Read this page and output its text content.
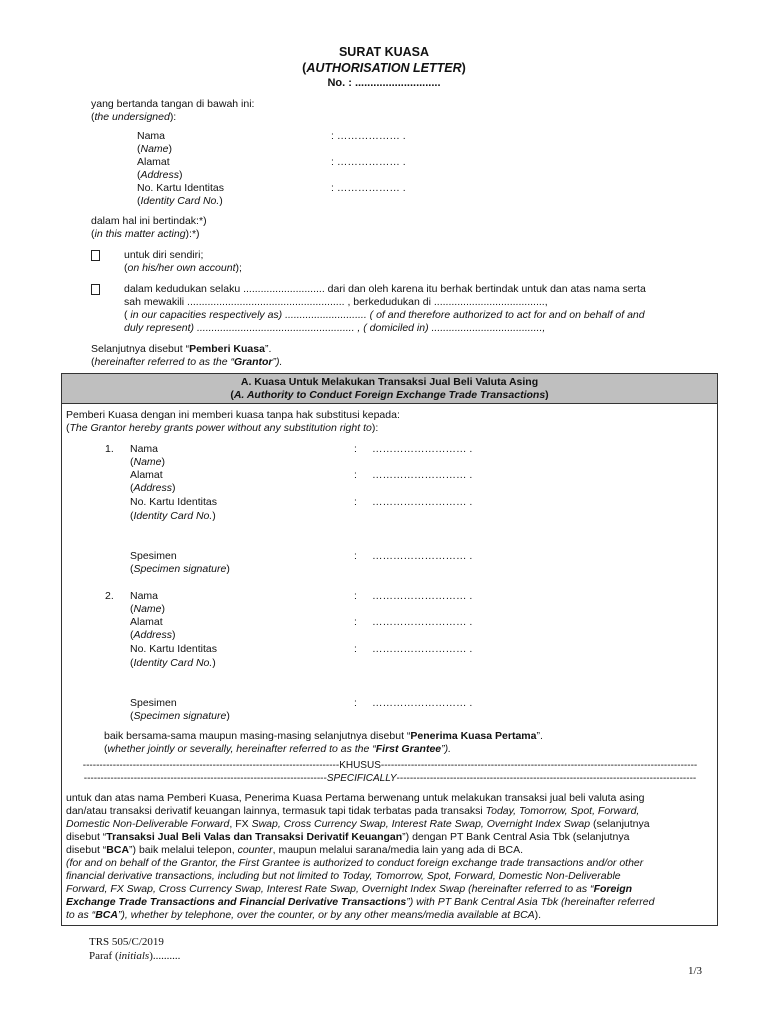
SURAT KUASA
(AUTHORISATION LETTER)
No. : ............................
yang bertanda tangan di bawah ini:
(the undersigned):
Nama	: ……………… .
(Name)
Alamat	: ……………… .
(Address)
No. Kartu Identitas	: ……………… .
(Identity Card No.)
dalam hal ini bertindak:*)
(in this matter acting):*)
untuk diri sendiri;
(on his/her own account);
dalam kedudukan selaku ............................ dari dan oleh karena itu berhak bertindak untuk dan atas nama serta
sah mewakili ...................................................... , berkedudukan di ......................................,
( in our capacities respectively as) ............................ ( of and therefore authorized to act for and on behalf of and
duly represent) ...................................................... , ( domiciled in) ......................................,
Selanjutnya disebut “Pemberi Kuasa”.
(hereinafter referred to as the “Grantor”).
A. Kuasa Untuk Melakukan Transaksi Jual Beli Valuta Asing
(A. Authority to Conduct Foreign Exchange Trade Transactions)
Pemberi Kuasa dengan ini memberi kuasa tanpa hak substitusi kepada:
(The Grantor hereby grants power without any substitution right to):
1. Nama	: ……………………… .
(Name)
Alamat	: ……………………… .
(Address)
No. Kartu Identitas	: ……………………… .
(Identity Card No.)
Spesimen	: ……………………… .
(Specimen signature)
2. Nama	: ……………………… .
(Name)
Alamat	: ……………………… .
(Address)
No. Kartu Identitas	: ……………………… .
(Identity Card No.)
Spesimen	: ……………………… .
(Specimen signature)
baik bersama-sama maupun masing-masing selanjutnya disebut “Penerima Kuasa Pertama”.
(whether jointly or severally, hereinafter referred to as the “First Grantee”).
-----------------------------------------------------------------------------KHUSUS-----------------------------------------------------------------------------------------------
-------------------------------------------------------------------------SPECIFICALLY------------------------------------------------------------------------------------------
untuk dan atas nama Pemberi Kuasa, Penerima Kuasa Pertama berwenang untuk melakukan transaksi jual beli valuta asing
dan/atau transaksi derivatif keuangan lainnya, termasuk tapi tidak terbatas pada transaksi Today, Tomorrow, Spot, Forward,
Domestic Non-Deliverable Forward, FX Swap, Cross Currency Swap, Interest Rate Swap, Overnight Index Swap (selanjutnya
disebut “Transaksi Jual Beli Valas dan Transaksi Derivatif Keuangan”) dengan PT Bank Central Asia Tbk (selanjutnya
disebut “BCA”) baik melalui telepon, counter, maupun melalui sarana/media lain yang ada di BCA.
(for and on behalf of the Grantor, the First Grantee is authorized to conduct foreign exchange trade transactions and/or other
financial derivative transactions, including but not limited to Today, Tomorrow, Spot, Forward, Domestic Non-Deliverable
Forward, FX Swap, Cross Currency Swap, Interest Rate Swap, Overnight Index Swap (hereinafter referred to as “Foreign
Exchange Trade Transactions and Financial Derivative Transactions”) with PT Bank Central Asia Tbk (hereinafter referred
to as “BCA”), whether by telephone, over the counter, or by any other means/media available at BCA).
TRS 505/C/2019
Paraf (initials)..........
1/3
